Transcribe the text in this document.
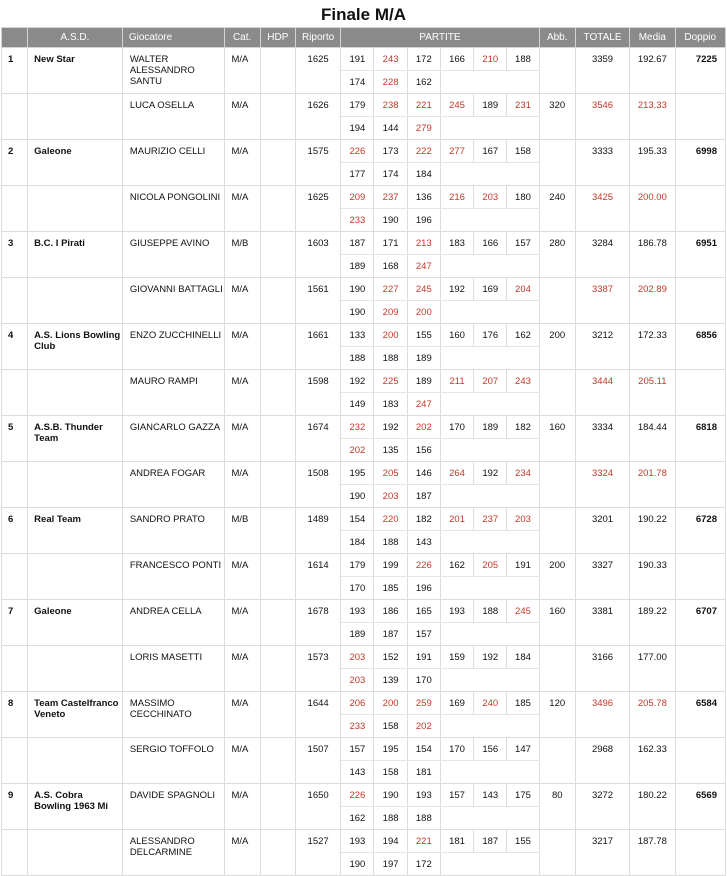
Finale M/A
	A.S.D.	Giocatore	Cat.	HDP	Riporto	PARTITE						Abb.	TOTALE	Media	Doppio
1	New Star	WALTER ALESSANDRO SANTU	M/A		1625	191	243	172	166	210	188		3359	192.67	7225
						174	228	162							
		LUCA OSELLA	M/A		1626	179	238	221	245	189	231	320	3546	213.33	
						194	144	279							
2	Galeone	MAURIZIO CELLI	M/A		1575	226	173	222	277	167	158		3333	195.33	6998
						177	174	184							
		NICOLA PONGOLINI	M/A		1625	209	237	136	216	203	180	240	3425	200.00	
						233	190	196							
3	B.C. I Pirati	GIUSEPPE AVINO	M/B		1603	187	171	213	183	166	157	280	3284	186.78	6951
						189	168	247							
		GIOVANNI BATTAGLI	M/A		1561	190	227	245	192	169	204		3387	202.89	
						190	209	200							
4	A.S. Lions Bowling Club	ENZO ZUCCHINELLI	M/A		1661	133	200	155	160	176	162	200	3212	172.33	6856
						188	188	189							
		MAURO RAMPI	M/A		1598	192	225	189	211	207	243		3444	205.11	
						149	183	247							
5	A.S.B. Thunder Team	GIANCARLO GAZZA	M/A		1674	232	192	202	170	189	182	160	3334	184.44	6818
						202	135	156							
		ANDREA FOGAR	M/A		1508	195	205	146	264	192	234		3324	201.78	
						190	203	187							
6	Real Team	SANDRO PRATO	M/B		1489	154	220	182	201	237	203		3201	190.22	6728
						184	188	143							
		FRANCESCO PONTI	M/A		1614	179	199	226	162	205	191	200	3327	190.33	
						170	185	196							
7	Galeone	ANDREA CELLA	M/A		1678	193	186	165	193	188	245	160	3381	189.22	6707
						189	187	157							
		LORIS MASETTI	M/A		1573	203	152	191	159	192	184		3166	177.00	
						203	139	170							
8	Team Castelfranco Veneto	MASSIMO CECCHINATO	M/A		1644	206	200	259	169	240	185	120	3496	205.78	6584
						233	158	202							
		SERGIO TOFFOLO	M/A		1507	157	195	154	170	156	147		2968	162.33	
						143	158	181							
9	A.S. Cobra Bowling 1963 Mi	DAVIDE SPAGNOLI	M/A		1650	226	190	193	157	143	175	80	3272	180.22	6569
						162	188	188							
		ALESSANDRO DELCARMINE	M/A		1527	193	194	221	181	187	155		3217	187.78	
						190	197	172							
